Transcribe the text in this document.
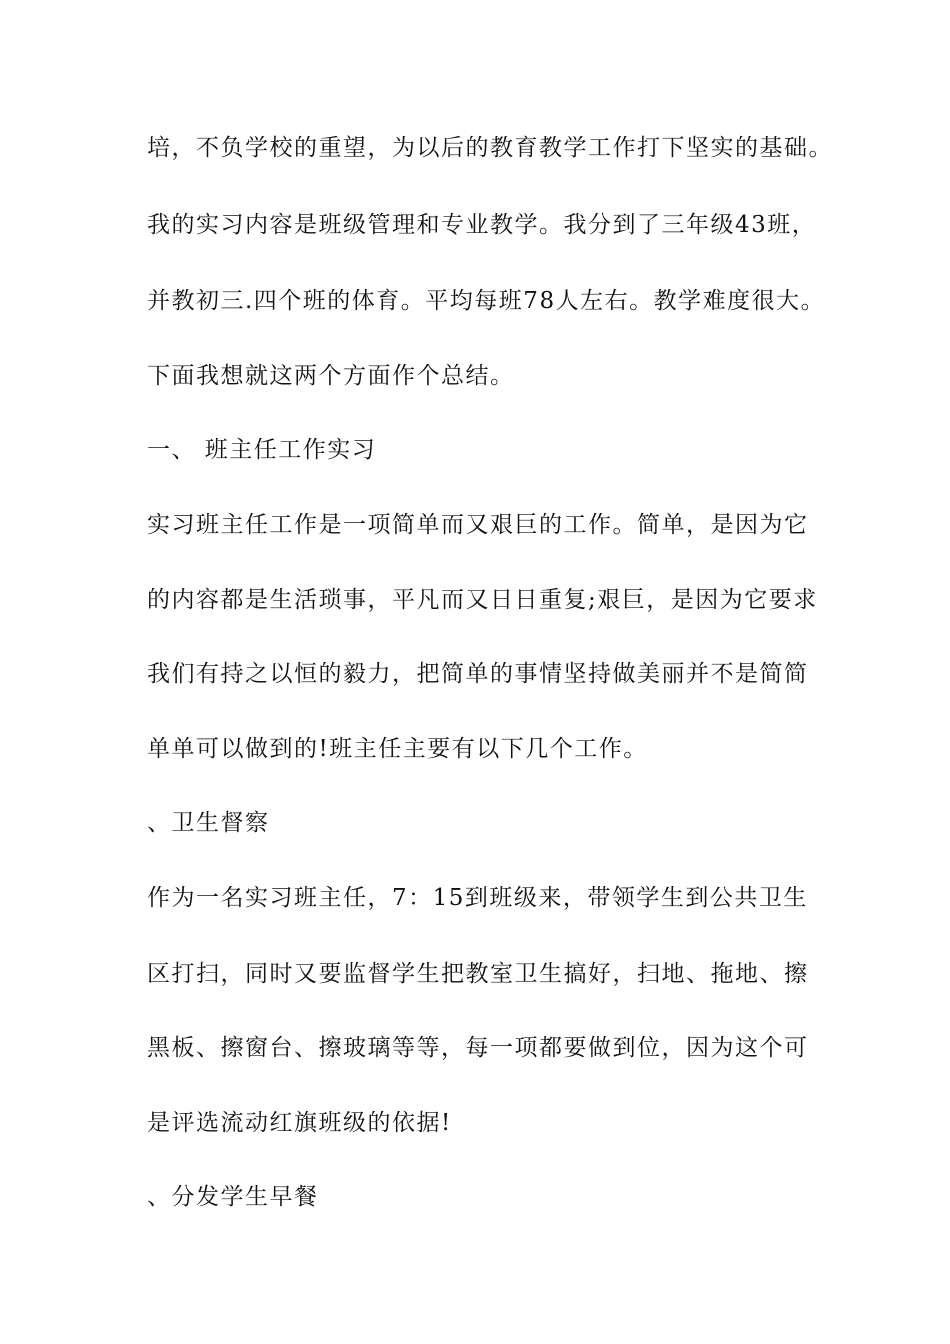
培，不负学校的重望，为以后的教育教学工作打下坚实的基础。
我的实习内容是班级管理和专业教学。我分到了三年级43班，
并教初三.四个班的体育。平均每班78人左右。教学难度很大。
下面我想就这两个方面作个总结。
一、 班主任工作实习
实习班主任工作是一项简单而又艰巨的工作。简单，是因为它
的内容都是生活琐事，平凡而又日日重复;艰巨，是因为它要求
我们有持之以恒的毅力，把简单的事情坚持做美丽并不是简简
单单可以做到的!班主任主要有以下几个工作。
、卫生督察
作为一名实习班主任，7：15到班级来，带领学生到公共卫生
区打扫，同时又要监督学生把教室卫生搞好，扫地、拖地、擦
黑板、擦窗台、擦玻璃等等，每一项都要做到位，因为这个可
是评选流动红旗班级的依据!
、分发学生早餐
